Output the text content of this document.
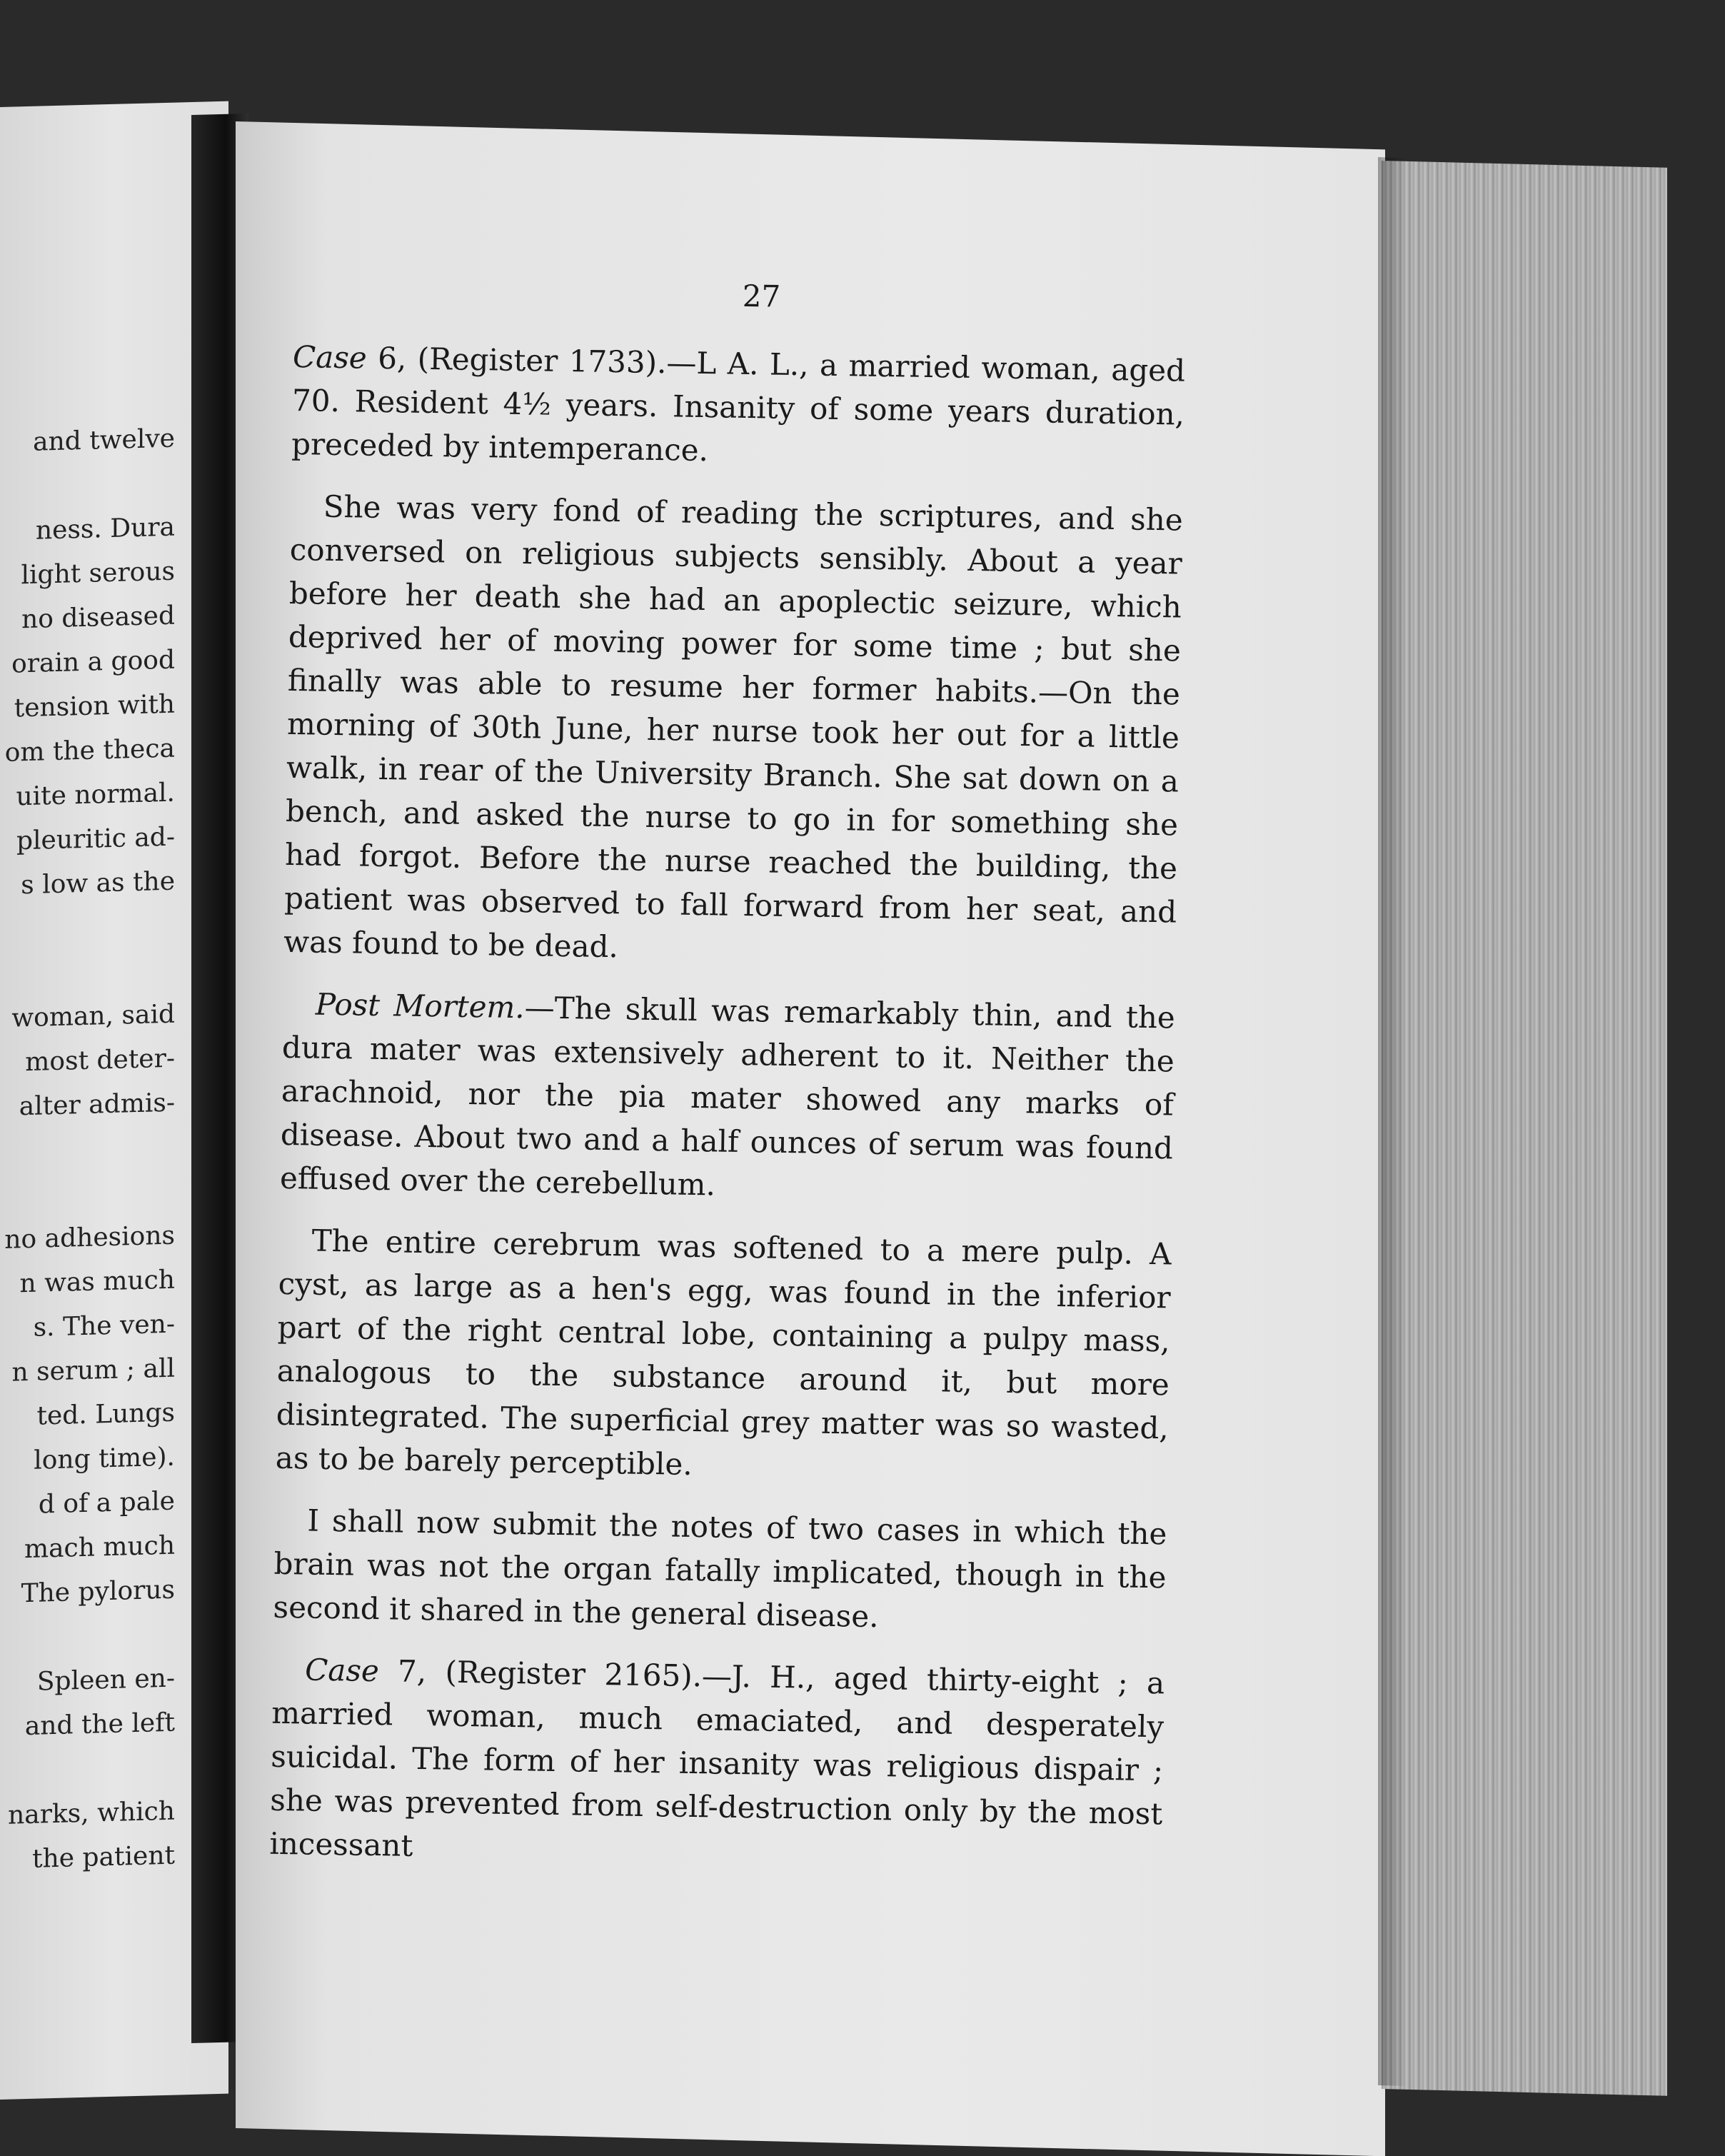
and twelve
ness. Dura
light serous
no diseased
orain a good
tension with
om the theca
uite normal.
pleuritic ad-
s low as the
woman, said
most deter-
alter admis-
no adhesions
n was much
s. The ven-
n serum ; all
ted. Lungs
long time).
d of a pale
mach much
The pylorus
Spleen en-
and the left
narks, which
the patient
27

Case 6, (Register 1733).—L A. L., a married woman, aged 70. Resident 4½ years. Insanity of some years duration, preceded by intemperance.

She was very fond of reading the scriptures, and she conversed on religious subjects sensibly. About a year before her death she had an apoplectic seizure, which deprived her of moving power for some time ; but she finally was able to resume her former habits.—On the morning of 30th June, her nurse took her out for a little walk, in rear of the University Branch. She sat down on a bench, and asked the nurse to go in for something she had forgot. Before the nurse reached the building, the patient was observed to fall forward from her seat, and was found to be dead.

Post Mortem.—The skull was remarkably thin, and the dura mater was extensively adherent to it. Neither the arachnoid, nor the pia mater showed any marks of disease. About two and a half ounces of serum was found effused over the cerebellum.

The entire cerebrum was softened to a mere pulp. A cyst, as large as a hen's egg, was found in the inferior part of the right central lobe, containing a pulpy mass, analogous to the substance around it, but more disintegrated. The superficial grey matter was so wasted, as to be barely perceptible.

I shall now submit the notes of two cases in which the brain was not the organ fatally implicated, though in the second it shared in the general disease.

Case 7, (Register 2165).—J. H., aged thirty-eight ; a married woman, much emaciated, and desperately suicidal. The form of her insanity was religious dispair ; she was prevented from self-destruction only by the most incessant
